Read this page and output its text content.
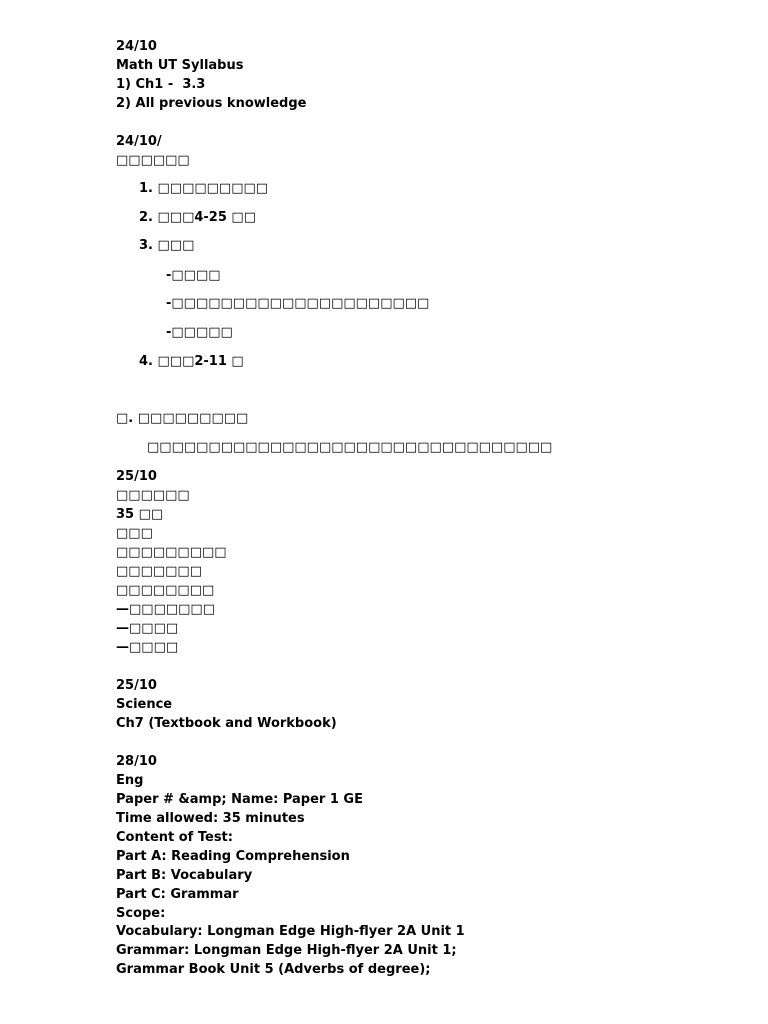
24/10
Math UT Syllabus
1) Ch1 -  3.3
2) All previous knowledge
24/10/
□□□□□□
1. □□□□□□□□□
2. □□□4-25 □□
3. □□□
-□□□□
-□□□□□□□□□□□□□□□□□□□□□
-□□□□□
4. □□□2-11 □
□. □□□□□□□□□
□□□□□□□□□□□□□□□□□□□□□□□□□□□□□□□□□
25/10
□□□□□□
35 □□
□□□
□□□□□□□□□
□□□□□□□
□□□□□□□□
—□□□□□□□
—□□□□
—□□□□
25/10
Science
Ch7 (Textbook and Workbook)
28/10
Eng
Paper # &amp; Name: Paper 1 GE
Time allowed: 35 minutes
Content of Test:
Part A: Reading Comprehension
Part B: Vocabulary
Part C: Grammar
Scope:
Vocabulary: Longman Edge High-flyer 2A Unit 1
Grammar: Longman Edge High-flyer 2A Unit 1;
Grammar Book Unit 5 (Adverbs of degree);
